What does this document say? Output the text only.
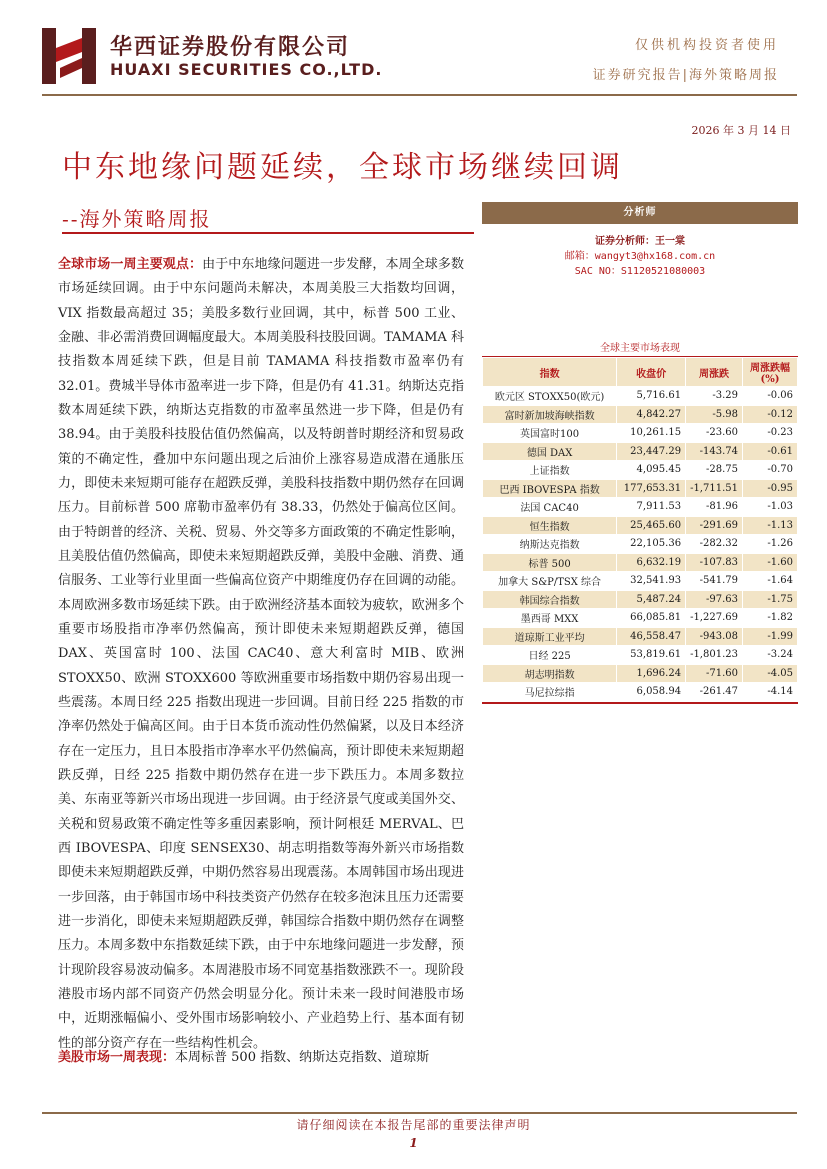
华西证券股份有限公司
HUAXI SECURITIES CO.,LTD.
仅供机构投资者使用
证券研究报告|海外策略周报
2026 年 3 月 14 日
中东地缘问题延续，全球市场继续回调
--海外策略周报	分析师
证券分析师：王一棠
邮箱：wangyt3@hx168.com.cn
SAC NO：S1120521080003
全球主要市场表现
指数	收盘价	周涨跌	周涨跌幅(%)
欧元区 STOXX50(欧元)	5,716.61	-3.29	-0.06
富时新加坡海峡指数	4,842.27	-5.98	-0.12
英国富时100	10,261.15	-23.60	-0.23
德国 DAX	23,447.29	-143.74	-0.61
上证指数	4,095.45	-28.75	-0.70
巴西 IBOVESPA 指数	177,653.31	-1,711.51	-0.95
法国 CAC40	7,911.53	-81.96	-1.03
恒生指数	25,465.60	-291.69	-1.13
纳斯达克指数	22,105.36	-282.32	-1.26
标普 500	6,632.19	-107.83	-1.60
加拿大 S&P/TSX 综合	32,541.93	-541.79	-1.64
韩国综合指数	5,487.24	-97.63	-1.75
墨西哥 MXX	66,085.81	-1,227.69	-1.82
道琼斯工业平均	46,558.47	-943.08	-1.99
日经 225	53,819.61	-1,801.23	-3.24
胡志明指数	1,696.24	-71.60	-4.05
马尼拉综指	6,058.94	-261.47	-4.14
全球市场一周主要观点：由于中东地缘问题进一步发酵，本周全球多数市场延续回调。由于中东问题尚未解决，本周美股三大指数均回调，VIX 指数最高超过 35；美股多数行业回调，其中，标普 500 工业、金融、非必需消费回调幅度最大。本周美股科技股回调。TAMAMA 科技指数本周延续下跌，但是目前 TAMAMA 科技指数市盈率仍有 32.01。费城半导体市盈率进一步下降，但是仍有 41.31。纳斯达克指数本周延续下跌，纳斯达克指数的市盈率虽然进一步下降，但是仍有 38.94。由于美股科技股估值仍然偏高，以及特朗普时期经济和贸易政策的不确定性，叠加中东问题出现之后油价上涨容易造成潜在通胀压力，即使未来短期可能存在超跌反弹，美股科技指数中期仍然存在回调压力。目前标普 500 席勒市盈率仍有 38.33，仍然处于偏高位区间。由于特朗普的经济、关税、贸易、外交等多方面政策的不确定性影响，且美股估值仍然偏高，即使未来短期超跌反弹，美股中金融、消费、通信服务、工业等行业里面一些偏高位资产中期维度仍存在回调的动能。本周欧洲多数市场延续下跌。由于欧洲经济基本面较为疲软，欧洲多个重要市场股指市净率仍然偏高，预计即使未来短期超跌反弹，德国 DAX、英国富时 100、法国 CAC40、意大利富时 MIB、欧洲 STOXX50、欧洲 STOXX600 等欧洲重要市场指数中期仍容易出现一些震荡。本周日经 225 指数出现进一步回调。目前日经 225 指数的市净率仍然处于偏高区间。由于日本货币流动性仍然偏紧，以及日本经济存在一定压力，且日本股指市净率水平仍然偏高，预计即使未来短期超跌反弹，日经 225 指数中期仍然存在进一步下跌压力。本周多数拉美、东南亚等新兴市场出现进一步回调。由于经济景气度或美国外交、关税和贸易政策不确定性等多重因素影响，预计阿根廷 MERVAL、巴西 IBOVESPA、印度 SENSEX30、胡志明指数等海外新兴市场指数即使未来短期超跌反弹，中期仍然容易出现震荡。本周韩国市场出现进一步回落，由于韩国市场中科技类资产仍然存在较多泡沫且压力还需要进一步消化，即使未来短期超跌反弹，韩国综合指数中期仍然存在调整压力。本周多数中东指数延续下跌，由于中东地缘问题进一步发酵，预计现阶段容易波动偏多。本周港股市场不同宽基指数涨跌不一。现阶段港股市场内部不同资产仍然会明显分化。预计未来一段时间港股市场中，近期涨幅偏小、受外围市场影响较小、产业趋势上行、基本面有韧性的部分资产存在一些结构性机会。
美股市场一周表现：本周标普 500 指数、纳斯达克指数、道琼斯
请仔细阅读在本报告尾部的重要法律声明
1
